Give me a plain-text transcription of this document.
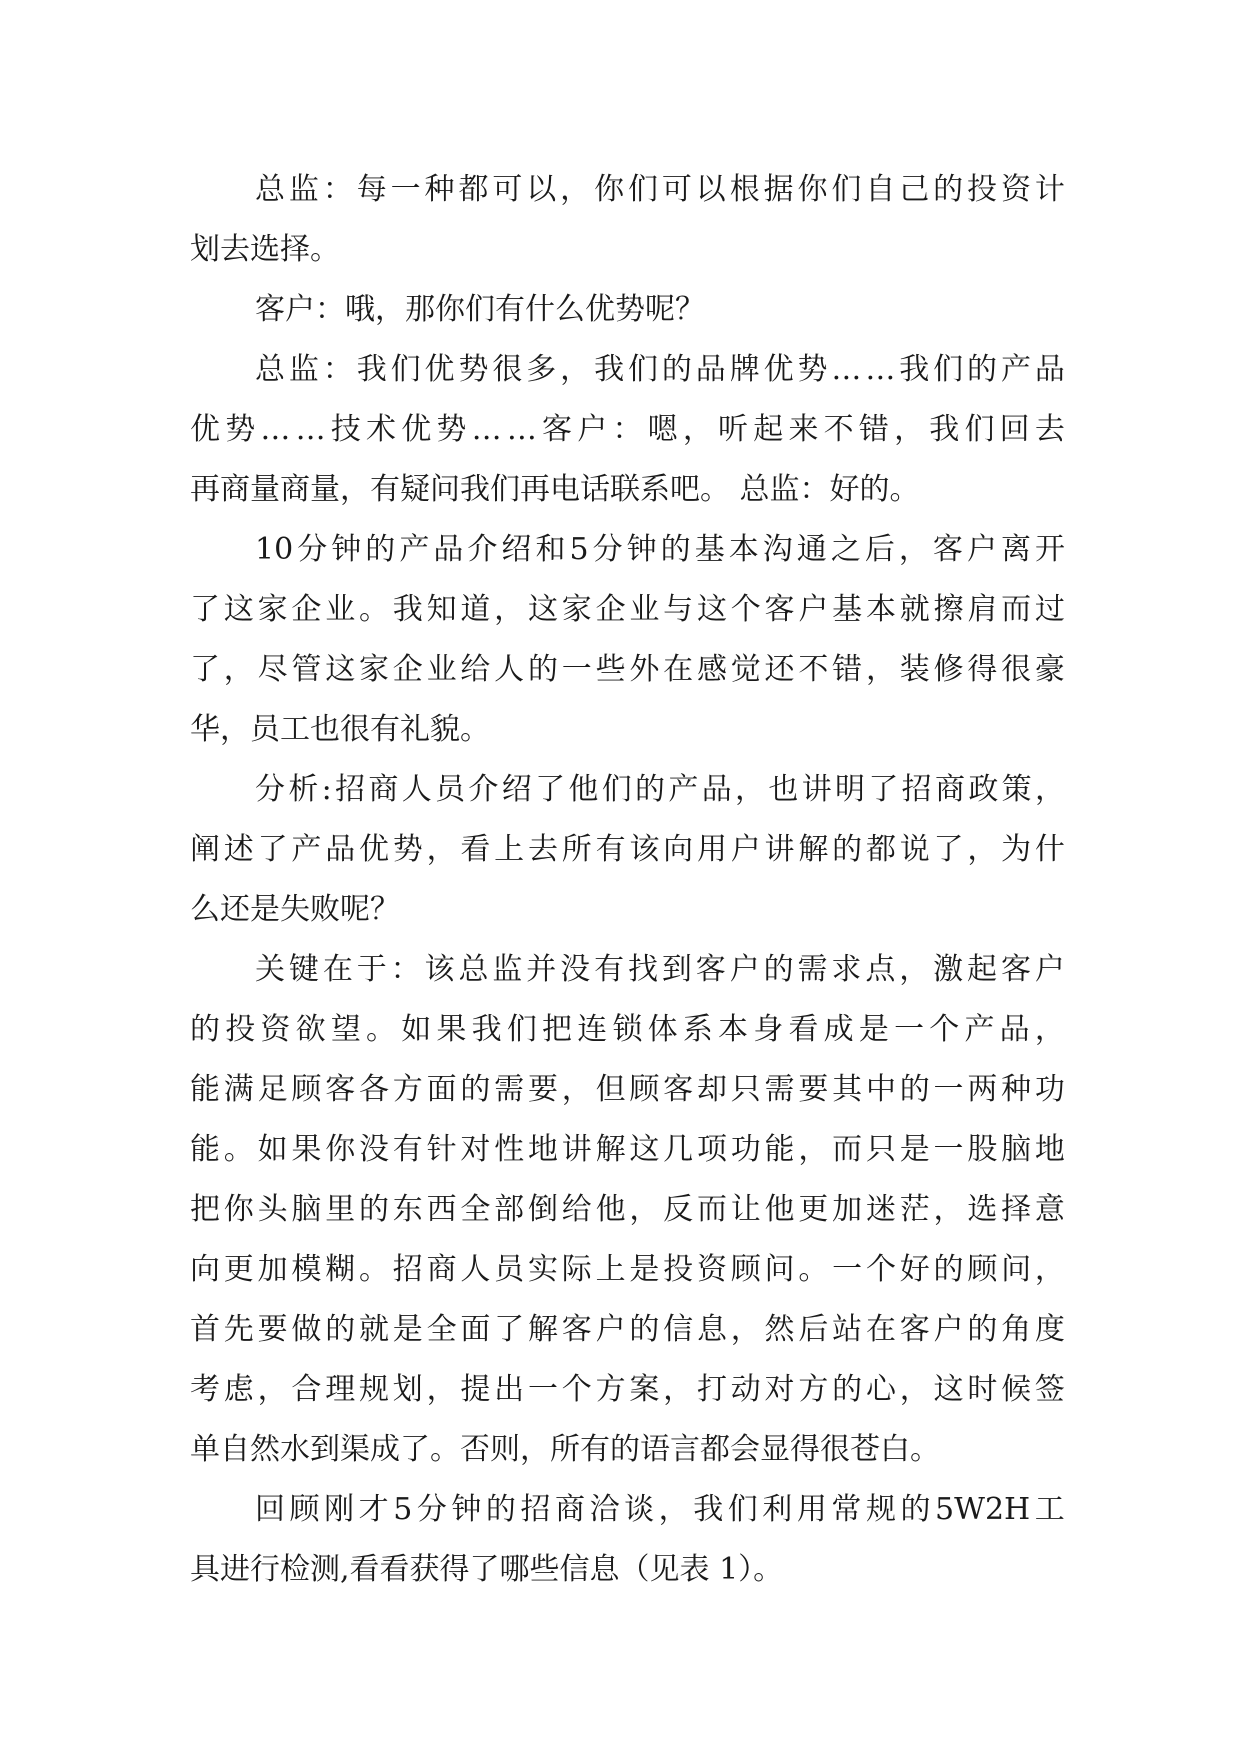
总 监 ： 每 一 种 都 可 以 ， 你 们 可 以 根 据 你 们 自 己 的 投 资 计
划去选择。
客户：哦，那你们有什么优势呢？
总 监 ： 我 们 优 势 很 多 ， 我 们 的 品 牌 优 势 … … 我 们 的 产 品
优 势 … … 技 术 优 势 … … 客 户 ： 嗯 ， 听 起 来 不 错 ， 我 们 回 去
再商量商量，有疑问我们再电话联系吧。 总监：好的。
10 分 钟 的 产 品 介 绍 和 5 分 钟 的 基 本 沟 通 之 后 ， 客 户 离 开
了 这 家 企 业 。 我 知 道 ， 这 家 企 业 与 这 个 客 户 基 本 就 擦 肩 而 过
了 ， 尽 管 这 家 企 业 给 人 的 一 些 外 在 感 觉 还 不 错 ， 装 修 得 很 豪
华，员工也很有礼貌。
分 析 : 招 商 人 员 介 绍 了 他 们 的 产 品 ， 也 讲 明 了 招 商 政 策 ，
阐 述 了 产 品 优 势 ， 看 上 去 所 有 该 向 用 户 讲 解 的 都 说 了 ， 为 什
么还是失败呢？
关 键 在 于 ： 该 总 监 并 没 有 找 到 客 户 的 需 求 点 ， 激 起 客 户
的 投 资 欲 望 。 如 果 我 们 把 连 锁 体 系 本 身 看 成 是 一 个 产 品 ，
能 满 足 顾 客 各 方 面 的 需 要 ， 但 顾 客 却 只 需 要 其 中 的 一 两 种 功
能 。 如 果 你 没 有 针 对 性 地 讲 解 这 几 项 功 能 ， 而 只 是 一 股 脑 地
把 你 头 脑 里 的 东 西 全 部 倒 给 他 ， 反 而 让 他 更 加 迷 茫 ， 选 择 意
向 更 加 模 糊 。 招 商 人 员 实 际 上 是 投 资 顾 问 。 一 个 好 的 顾 问 ，
首 先 要 做 的 就 是 全 面 了 解 客 户 的 信 息 ， 然 后 站 在 客 户 的 角 度
考 虑 ， 合 理 规 划 ， 提 出 一 个 方 案 ， 打 动 对 方 的 心 ， 这 时 候 签
单自然水到渠成了。否则，所有的语言都会显得很苍白。
回 顾 刚 才 5 分 钟 的 招 商 洽 谈 ， 我 们 利 用 常 规 的 5W2H 工
具进行检测,看看获得了哪些信息（见表 1）。
